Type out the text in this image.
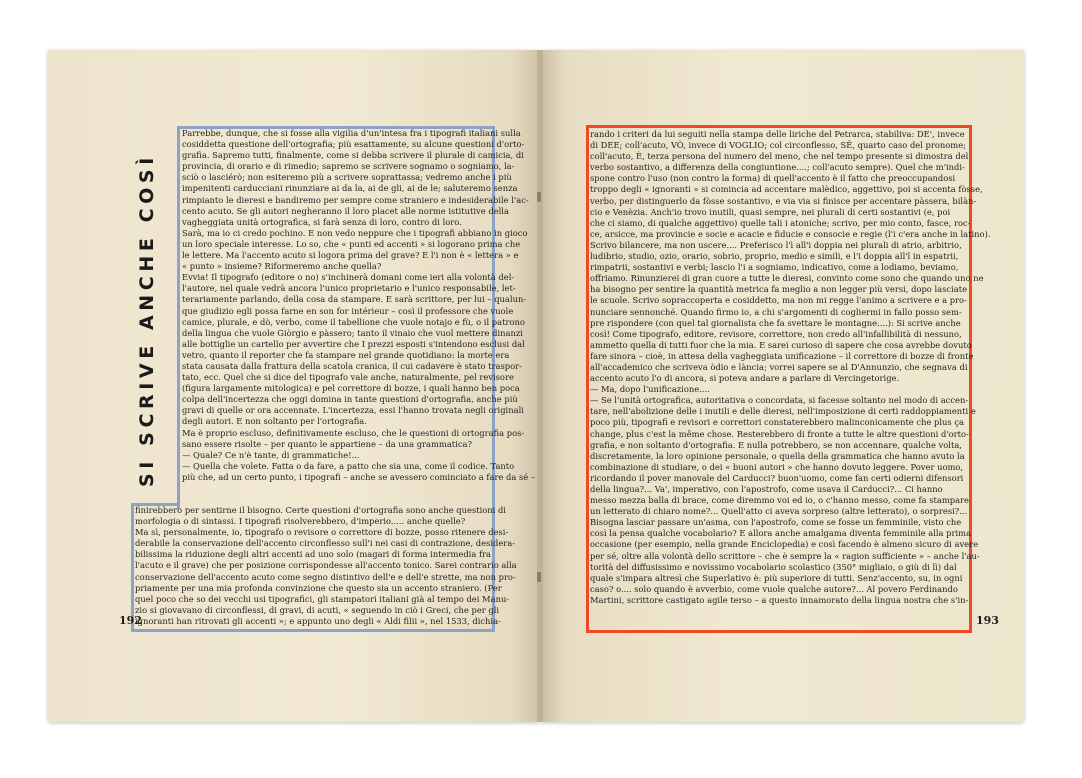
SI SCRIVE ANCHE COSÌ
Parrebbe, dunque, che si fosse alla vigilia d'un'intesa fra i tipografi italiani sulla
cosiddetta questione dell'ortografia; più esattamente, su alcune questioni d'orto-
grafia. Sapremo tutti, finalmente, come si debba scrivere il plurale di camicia, di
provincia, di orario e di rimedio; sapremo se scrivere sognamo o sogniamo, la-
sciò o lasciérò; non esiteremo più a scrivere soprattassa; vedremo anche i più
impenitenti carducciani rinunziare ai da la, ai de gli, ai de le; saluteremo senza
rimpianto le dieresi e bandiremo per sempre come straniero e indesiderabile l'ac-
cento acuto. Se gli autori negheranno il loro placet alle norme istitutive della
vagheggiata unità ortografica, si farà senza di loro, contro di loro.
Sarà, ma io ci credo pochino. E non vedo neppure che i tipografi abbiano in gioco
un loro speciale interesse. Lo so, che « punti ed accenti » si logorano prima che
le lettere. Ma l'accento acuto si logora prima del grave? E l'i non è « lettera » e
« punto » insieme? Riformeremo anche quella?
Evvia! Il tipografo (editore o no) s'inchinerà domani come ieri alla volontà del-
l'autore, nel quale vedrà ancora l'unico proprietario e l'unico responsabile, let-
terariamente parlando, della cosa da stampare. E sarà scrittore, per lui – qualun-
que giudizio egli possa farne en son for intérieur – così il professore che vuole
camice, plurale, e dò, verbo, come il tabellione che vuole notajo e fù, o il patrono
della lingua che vuole Giòrgio e pàssero; tanto il vinaio che vuol mettere dinanzi
alle bottiglie un cartello per avvertire che I prezzi esposti s'intendono esclusi dal
vetro, quanto il reporter che fa stampare nel grande quotidiano: la morte era
stata causata dalla frattura della scatola cranica, il cui cadavere è stato traspor-
tato, ecc. Quel che si dice del tipografo vale anche, naturalmente, pel revisore
(figura largamente mitologica) e pel correttore di bozze, i quali hanno ben poca
colpa dell'incertezza che oggi domina in tante questioni d'ortografia, anche più
gravi di quelle or ora accennate. L'incertezza, essi l'hanno trovata negli originali
degli autori. E non soltanto per l'ortografia.
Ma è proprio escluso, definitivamente escluso, che le questioni di ortografia pos-
sano essere risolte – per quanto le appartiene – da una grammatica?
— Quale? Ce n'è tante, di grammatiche!...
— Quella che volete. Fatta o da fare, a patto che sia una, come il codice. Tanto
più che, ad un certo punto, i tipografi – anche se avessero cominciato a fare da sé –
finirebbero per sentirne il bisogno. Certe questioni d'ortografia sono anche questioni di
morfologia o di sintassi. I tipografi risolverebbero, d'imperio..... anche quelle?
Ma sì, personalmente, io, tipografo o revisore o correttore di bozze, posso ritenere desi-
derabile la conservazione dell'accento circonflesso sull'i nei casi di contrazione, desidera-
bilissima la riduzione degli altri accenti ad uno solo (magari di forma intermedia fra
l'acuto e il grave) che per posizione corrispondesse all'accento tonico. Sarei contrario alla
conservazione dell'accento acuto come segno distintivo dell'e e dell'e strette, ma non pro-
priamente per una mia profonda convinzione che questo sia un accento straniero. (Per
quel poco che so dei vecchi usi tipografici, gli stampatori italiani già al tempo dei Manu-
zio si giovavano di circonflessi, di gravi, di acuti, « seguendo in ciò i Greci, che per gli
ignoranti han ritrovati gli accenti »; e appunto uno degli « Aldi filii », nel 1533, dichia-
rando i criteri da lui seguiti nella stampa delle liriche del Petrarca, stabiliva: DE', invece
di DEE; coll'acuto, VÒ, invece di VOGLIO; col circonflesso, SÊ, quarto caso del pronome;
coll'acuto, È, terza persona del numero del meno, che nel tempo presente si dimostra del
verbo sostantivo, a differenza della congiuntione....; coll'acuto sempre). Quel che m'indi-
spone contro l'uso (non contro la forma) di quell'accento è il fatto che preoccupandosi
troppo degli « ignoranti » si comincia ad accentare malèdico, aggettivo, poi si accenta fòsse,
verbo, per distinguerlo da fòsse sostantivo, e via via si finisce per accentare pàssera, bilàn-
cio e Venèzia. Anch'io trovo inutili, quasi sempre, nei plurali di certi sostantivi (e, poi
che ci siamo, di qualche aggettivo) quelle tali i atoniche; scrivo, per mio conto, fasce, roc-
ce, arsicce, ma provincie e socie e acacie e fiducie e consocie e regie (l'i c'era anche in latino).
Scrivo bilancere, ma non uscere.... Preferisco l'ì all'i doppia nei plurali di atrio, arbitrio,
ludibrio, studio, ozio, orario, sobrio, proprio, medio e simili, e l'i doppia all'î in espatrii,
rimpatrii, sostantivi e verbi; lascio l'i a sogniamo, indicativo, come a lodiamo, beviamo,
offriamo. Rinunzierei di gran cuore a tutte le dieresi, convinto come sono che quando uno ne
ha bisogno per sentire la quantità metrica fa meglio a non legger più versi, dopo lasciate
le scuole. Scrivo sopraccoperta e cosiddetto, ma non mi regge l'animo a scrivere e a pro-
nunciare sennonché. Quando firmo io, a chi s'argomenti di cogliermi in fallo posso sem-
pre rispondere (con quel tal giornalista che fa svettare le montagne....): Si scrive anche
così! Come tipografo, editore, revisore, correttore, non credo all'infallibilità di nessuno,
ammetto quella di tutti fuor che la mia. E sarei curioso di sapere che cosa avrebbe dovuto
fare sinora – cioè, in attesa della vagheggiata unificazione – il correttore di bozze di fronte
all'accademico che scriveva òdio e lància; vorrei sapere se al D'Annunzio, che segnava di
accento acuto l'o di ancora, si poteva andare a parlare di Vercingetorige.
— Ma, dopo l'unificazione....
— Se l'unità ortografica, autoritativa o concordata, si facesse soltanto nel modo di accen-
tare, nell'abolizione delle i inutili e delle dieresi, nell'imposizione di certi raddoppiamenti e
poco più, tipografi e revisori e correttori constaterebbero malinconicamente che plus ça
change, plus c'est la même chose. Resterebbero di fronte a tutte le altre questioni d'orto-
grafia, e non soltanto d'ortografia. E nulla potrebbero, se non accennare, qualche volta,
discretamente, la loro opinione personale, o quella della grammatica che hanno avuto la
combinazione di studiare, o dei « buoni autori » che hanno dovuto leggere. Pover uomo,
ricordando il pover manovale del Carducci? buon'uomo, come fan certi odierni difensori
della lingua?... Va', imperativo, con l'apostrofo, come usava il Carducci?... Ci hanno
messo mezza balla di brace, come diremmo voi ed io, o c'hanno messo, come fa stampare
un letterato di chiaro nome?... Quell'atto ci aveva sorpreso (altre letterato), o sorpresi?...
Bisogna lasciar passare un'asma, con l'apostrofo, come se fosse un femminile, visto che
così la pensa qualche vocabolario? E allora anche amalgama diventa femminile alla prima
occasione (per esempio, nella grande Enciclopedia) e così facendo è almeno sicuro di avere
per sé, oltre alla volontà dello scrittore – che è sempre la « ragion sufficiente » – anche l'au-
torità del diffusissimo e novissimo vocabolario scolastico (350° migliaio, o giù di lì) dal
quale s'impara altresì che Superlativo è: più superiore di tutti. Senz'accento, su, in ogni
caso? o.... solo quando è avverbio, come vuole qualche autore?... Al povero Ferdinando
Martini, scrittore castigato agile terso – a questo innamorato della lingua nostra che s'in-
192	193
